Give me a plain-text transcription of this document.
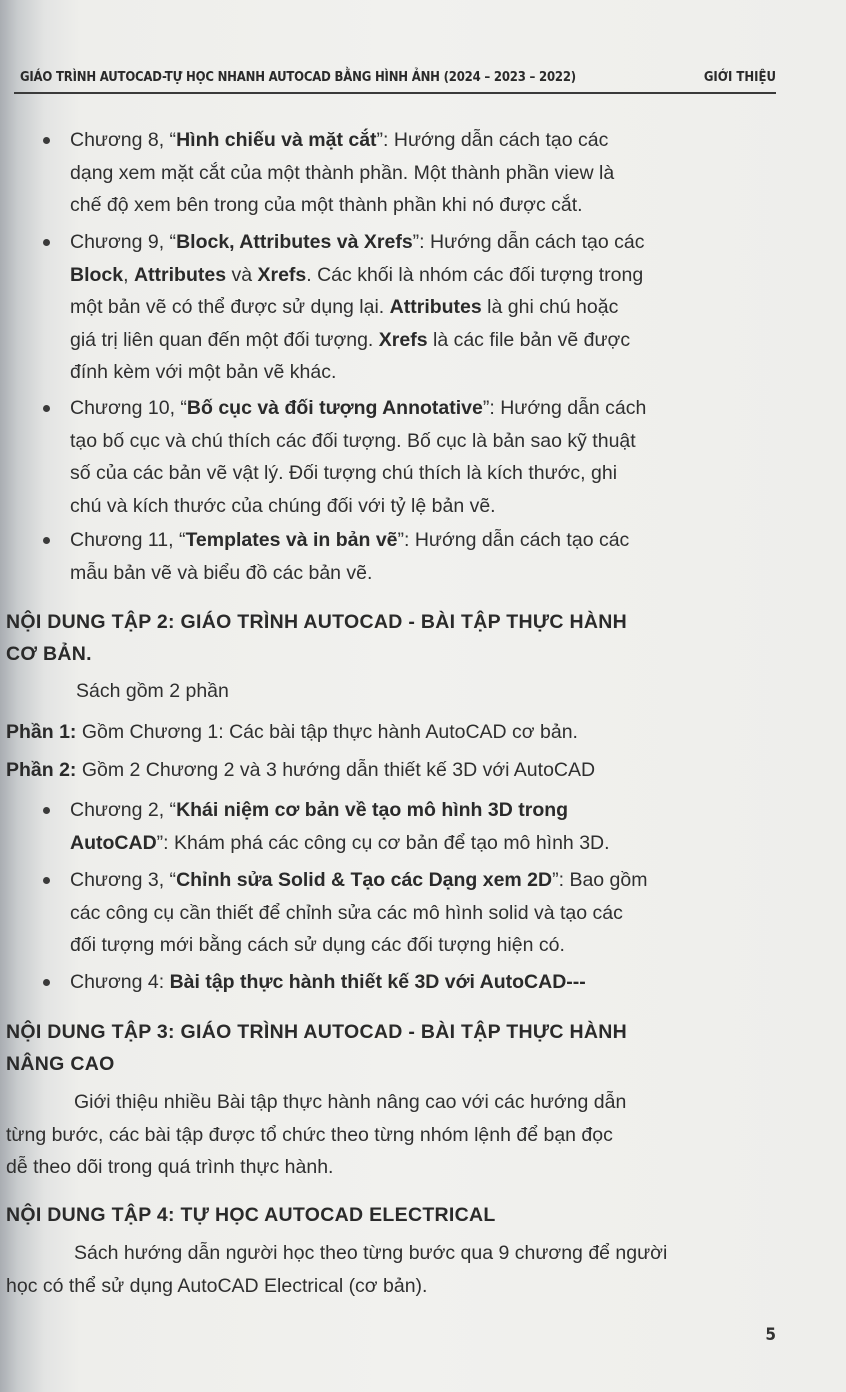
GIÁO TRÌNH AUTOCAD-TỰ HỌC NHANH AUTOCAD BẰNG HÌNH ẢNH (2024 – 2023 – 2022)	GIỚI THIỆU
Chương 8, “Hình chiếu và mặt cắt”: Hướng dẫn cách tạo các
dạng xem mặt cắt của một thành phần. Một thành phần view là
chế độ xem bên trong của một thành phần khi nó được cắt.
Chương 9, “Block, Attributes và Xrefs”: Hướng dẫn cách tạo các
Block, Attributes và Xrefs. Các khối là nhóm các đối tượng trong
một bản vẽ có thể được sử dụng lại. Attributes là ghi chú hoặc
giá trị liên quan đến một đối tượng. Xrefs là các file bản vẽ được
đính kèm với một bản vẽ khác.
Chương 10, “Bố cục và đối tượng Annotative”: Hướng dẫn cách
tạo bố cục và chú thích các đối tượng. Bố cục là bản sao kỹ thuật
số của các bản vẽ vật lý. Đối tượng chú thích là kích thước, ghi
chú và kích thước của chúng đối với tỷ lệ bản vẽ.
Chương 11, “Templates và in bản vẽ”: Hướng dẫn cách tạo các
mẫu bản vẽ và biểu đồ các bản vẽ.
NỘI DUNG TẬP 2: GIÁO TRÌNH AUTOCAD - BÀI TẬP THỰC HÀNH
CƠ BẢN.
Sách gồm 2 phần
Phần 1: Gồm Chương 1: Các bài tập thực hành AutoCAD cơ bản.
Phần 2: Gồm 2 Chương 2 và 3 hướng dẫn thiết kế 3D với AutoCAD
Chương 2, “Khái niệm cơ bản về tạo mô hình 3D trong
AutoCAD”: Khám phá các công cụ cơ bản để tạo mô hình 3D.
Chương 3, “Chỉnh sửa Solid & Tạo các Dạng xem 2D”: Bao gồm
các công cụ cần thiết để chỉnh sửa các mô hình solid và tạo các
đối tượng mới bằng cách sử dụng các đối tượng hiện có.
Chương 4: Bài tập thực hành thiết kế 3D với AutoCAD---
NỘI DUNG TẬP 3: GIÁO TRÌNH AUTOCAD - BÀI TẬP THỰC HÀNH
NÂNG CAO
Giới thiệu nhiều Bài tập thực hành nâng cao với các hướng dẫn
từng bước, các bài tập được tổ chức theo từng nhóm lệnh để bạn đọc
dễ theo dõi trong quá trình thực hành.
NỘI DUNG TẬP 4: TỰ HỌC AUTOCAD ELECTRICAL
Sách hướng dẫn người học theo từng bước qua 9 chương để người
học có thể sử dụng AutoCAD Electrical (cơ bản).
5
